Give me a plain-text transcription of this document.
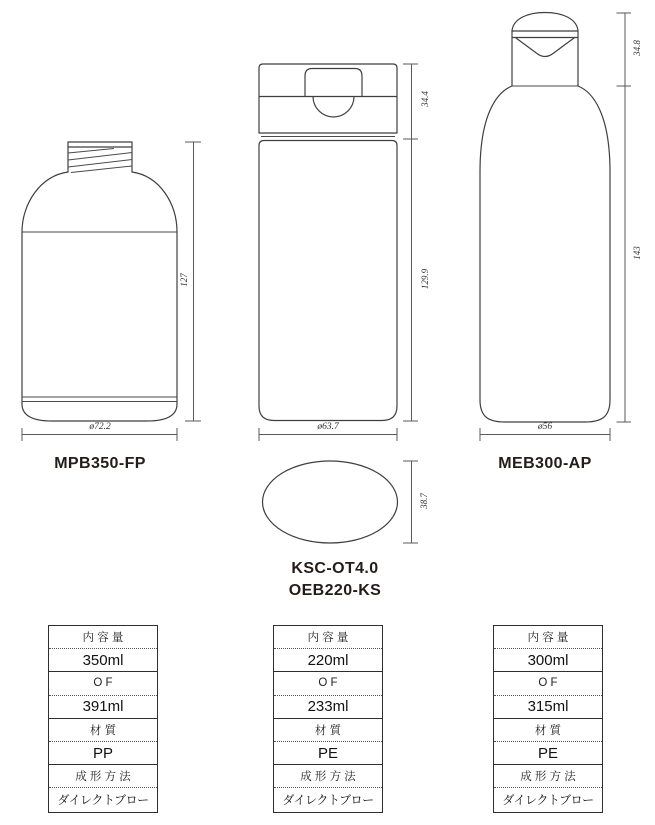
127
ø72.2
34.4
129.9
ø63.7
38.7
34.8
143
ø56
MPB350-FP
KSC-OT4.0
OEB220-KS
MEB300-AP
内 容 量
350ml
O F
391ml
材 質
PP
成 形 方 法
ダイレクトブロー
内 容 量
220ml
O F
233ml
材 質
PE
成 形 方 法
ダイレクトブロー
内 容 量
300ml
O F
315ml
材 質
PE
成 形 方 法
ダイレクトブロー
